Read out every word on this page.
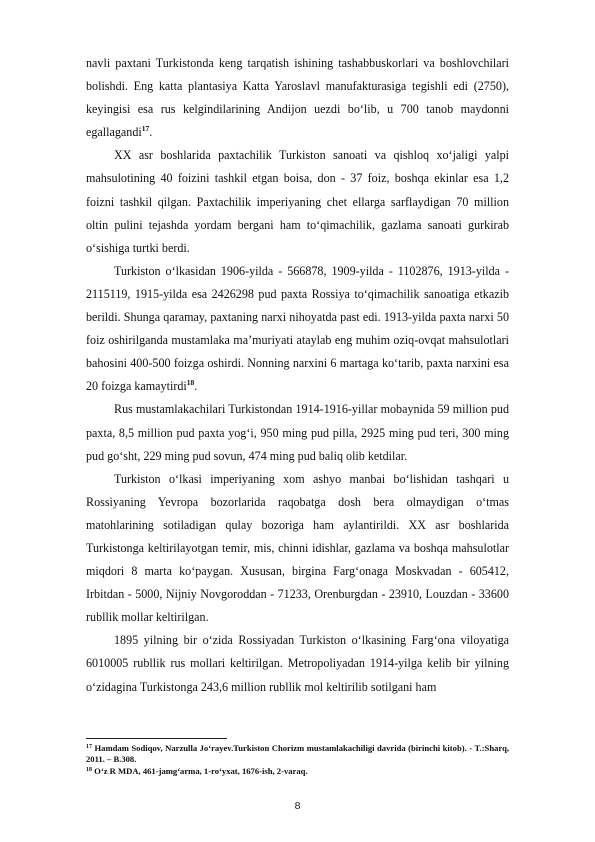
navli paxtani Turkistonda keng tarqatish ishining tashabbuskorlari va boshlovchilari bolishdi. Eng katta plantasiya Katta Yaroslavl manufakturasiga tegishli edi (2750), keyingisi esa rus kelgindilarining Andijon uezdi boʻlib, u 700 tanob maydonni egallagandi$^{17}$.

XX asr boshlarida paxtachilik Turkiston sanoati va qishloq xoʻjaligi yalpi mahsulotining 40 foizini tashkil etgan boisa, don - 37 foiz, boshqa ekinlar esa 1,2 foizni tashkil qilgan. Paxtachilik imperiyaning chet ellarga sarflaydigan 70 million oltin pulini tejashda yordam bergani ham toʻqimachilik, gazlama sanoati gurkirab oʻsishiga turtki berdi.

Turkiston oʻlkasidan 1906-yilda - 566878, 1909-yilda - 1102876, 1913-yilda - 2115119, 1915-yilda esa 2426298 pud paxta Rossiya toʻqimachilik sanoatiga etkazib berildi. Shunga qaramay, paxtaning narxi nihoyatda past edi. 1913-yilda paxta narxi 50 foiz oshirilganda mustamlaka ma’muriyati ataylab eng muhim oziq-ovqat mahsulotlari bahosini 400-500 foizga oshirdi. Nonning narxini 6 martaga koʻtarib, paxta narxini esa 20 foizga kamaytirdi$^{18}$.

Rus mustamlakachilari Turkistondan 1914-1916-yillar mobaynida 59 million pud paxta, 8,5 million pud paxta yogʻi, 950 ming pud pilla, 2925 ming pud teri, 300 ming pud goʻsht, 229 ming pud sovun, 474 ming pud baliq olib ketdilar.

Turkiston oʻlkasi imperiyaning xom ashyo manbai boʻlishidan tashqari u Rossiyaning Yevropa bozorlarida raqobatga dosh bera olmaydigan oʻtmas matohlarining sotiladigan qulay bozoriga ham aylantirildi. XX asr boshlarida Turkistonga keltirilayotgan temir, mis, chinni idishlar, gazlama va boshqa mahsulotlar miqdori 8 marta koʻpaygan. Xususan, birgina Fargʻonaga Moskvadan - 605412, Irbitdan - 5000, Nijniy Novgoroddan - 71233, Orenburgdan - 23910, Louzdan - 33600 rubllik mollar keltirilgan.

1895 yilning bir oʻzida Rossiyadan Turkiston oʻlkasining Fargʻona viloyatiga 6010005 rubllik rus mollari keltirilgan. Metropoliyadan 1914-yilga kelib bir yilning oʻzidagina Turkistonga 243,6 million rubllik mol keltirilib sotilgani ham

$^{17}$ Hamdam Sodiqov, Narzulla Joʻrayev.Turkiston Chorizm mustamlakachiligi davrida (birinchi kitob). - T.:Sharq, 2011. – B.308.

$^{18}$ Oʻz R MDA, 461-jamgʻarma, 1-roʻyxat, 1676-ish, 2-varaq.

8
